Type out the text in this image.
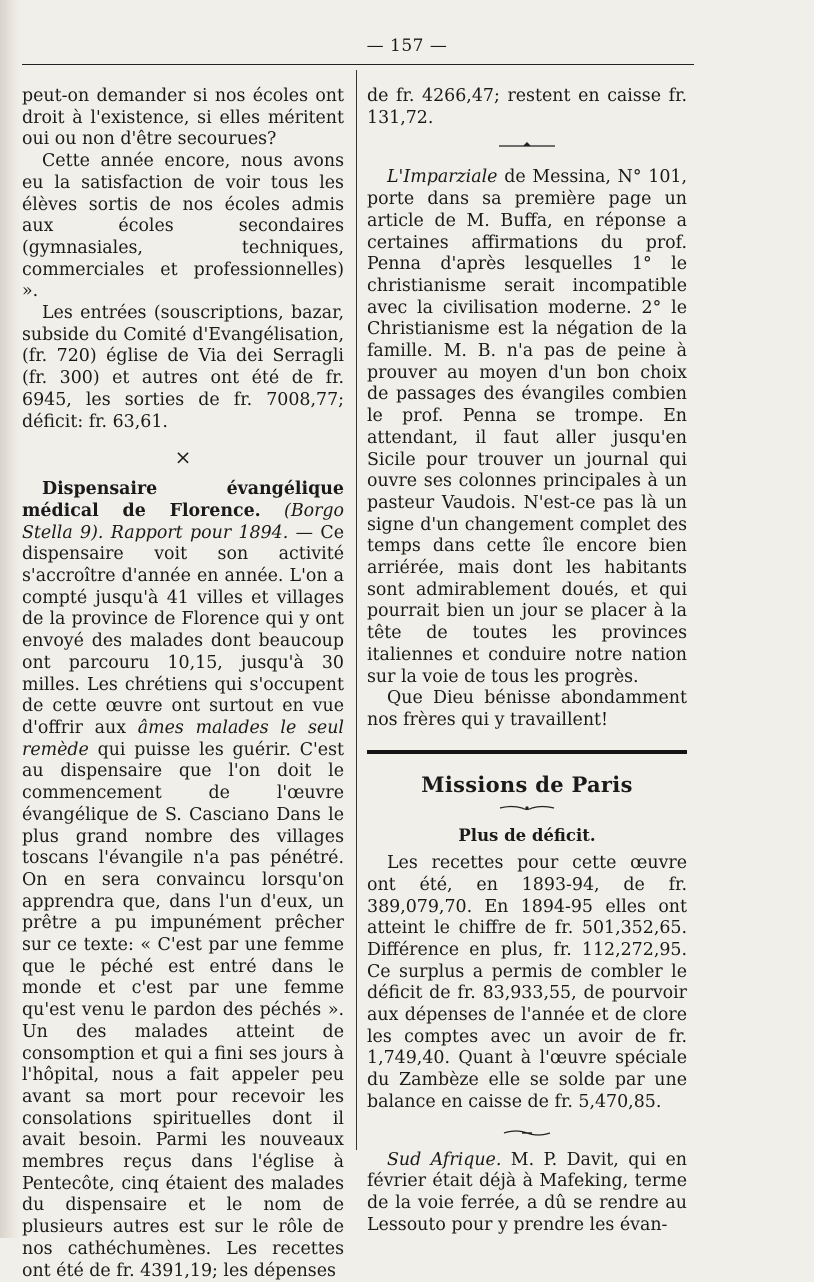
— 157 —

peut-on demander si nos écoles ont droit à l'existence, si elles méritent oui ou non d'être secourues?

Cette année encore, nous avons eu la satisfaction de voir tous les élèves sortis de nos écoles admis aux écoles secondaires (gymnasiales, techniques, commerciales et professionnelles) ».

Les entrées (souscriptions, bazar, subside du Comité d'Evangélisation, (fr. 720) église de Via dei Serragli (fr. 300) et autres ont été de fr. 6945, les sorties de fr. 7008,77; déficit: fr. 63,61.

×

Dispensaire évangélique médical de Florence. (Borgo Stella 9). Rapport pour 1894. — Ce dispensaire voit son activité s'accroître d'année en année. L'on a compté jusqu'à 41 villes et villages de la province de Florence qui y ont envoyé des malades dont beaucoup ont parcouru 10,15, jusqu'à 30 milles. Les chrétiens qui s'occupent de cette œuvre ont surtout en vue d'offrir aux âmes malades le seul remède qui puisse les guérir. C'est au dispensaire que l'on doit le commencement de l'œuvre évangélique de S. Casciano Dans le plus grand nombre des villages toscans l'évangile n'a pas pénétré. On en sera convaincu lorsqu'on apprendra que, dans l'un d'eux, un prêtre a pu impunément prêcher sur ce texte: « C'est par une femme que le péché est entré dans le monde et c'est par une femme qu'est venu le pardon des péchés ». Un des malades atteint de consomption et qui a fini ses jours à l'hôpital, nous a fait appeler peu avant sa mort pour recevoir les consolations spirituelles dont il avait besoin. Parmi les nouveaux membres reçus dans l'église à Pentecôte, cinq étaient des malades du dispensaire et le nom de plusieurs autres est sur le rôle de nos cathéchumènes. Les recettes ont été de fr. 4391,19; les dépenses

de fr. 4266,47; restent en caisse fr. 131,72.

L'Imparziale de Messina, N° 101, porte dans sa première page un article de M. Buffa, en réponse a certaines affirmations du prof. Penna d'après lesquelles 1° le christianisme serait incompatible avec la civilisation moderne. 2° le Christianisme est la négation de la famille. M. B. n'a pas de peine à prouver au moyen d'un bon choix de passages des évangiles combien le prof. Penna se trompe. En attendant, il faut aller jusqu'en Sicile pour trouver un journal qui ouvre ses colonnes principales à un pasteur Vaudois. N'est-ce pas là un signe d'un changement complet des temps dans cette île encore bien arriérée, mais dont les habitants sont admirablement doués, et qui pourrait bien un jour se placer à la tête de toutes les provinces italiennes et conduire notre nation sur la voie de tous les progrès.

Que Dieu bénisse abondamment nos frères qui y travaillent!

Missions de Paris
Plus de déficit.

Les recettes pour cette œuvre ont été, en 1893-94, de fr. 389,079,70. En 1894-95 elles ont atteint le chiffre de fr. 501,352,65. Différence en plus, fr. 112,272,95. Ce surplus a permis de combler le déficit de fr. 83,933,55, de pourvoir aux dépenses de l'année et de clore les comptes avec un avoir de fr. 1,749,40. Quant à l'œuvre spéciale du Zambèze elle se solde par une balance en caisse de fr. 5,470,85.

Sud Afrique. M. P. Davit, qui en février était déjà à Mafeking, terme de la voie ferrée, a dû se rendre au Lessouto pour y prendre les évan-
